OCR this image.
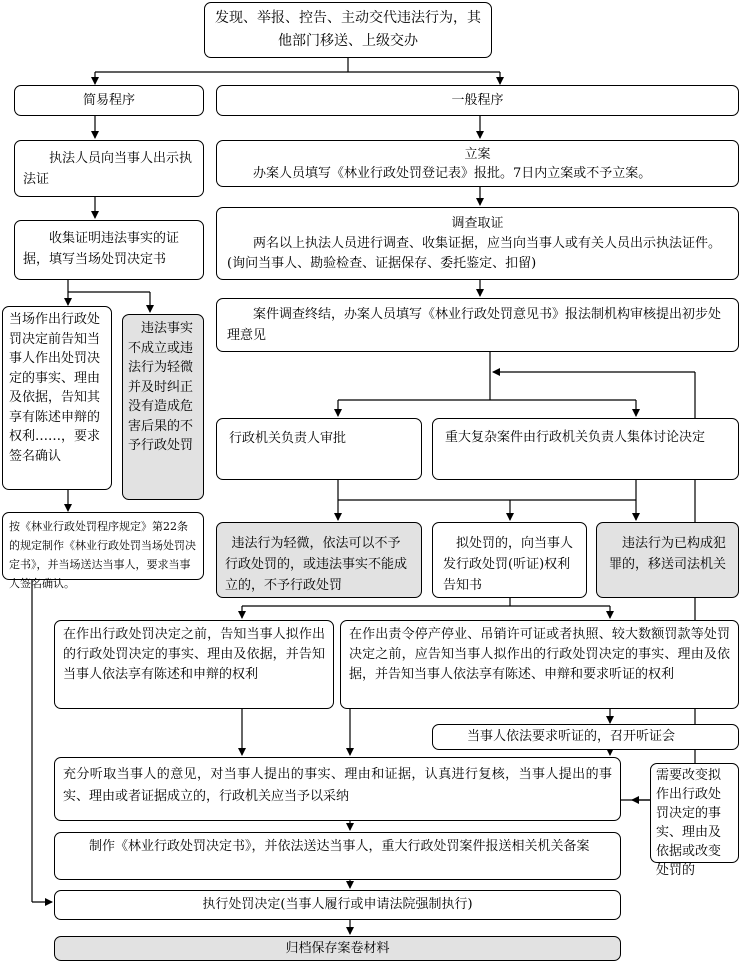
发现、举报、控告、主动交代违法行为，其他部门移送、上级交办
简易程序	一般程序
执法人员向当事人出示执法证
收集证明违法事实的证据，填写当场处罚决定书
当场作出行政处罚决定前告知当事人作出处罚决定的事实、理由及依据，告知其享有陈述申辩的权利……，要求签名确认
违法事实不成立或违法行为轻微并及时纠正没有造成危害后果的不予行政处罚
按《林业行政处罚程序规定》第22条的规定制作《林业行政处罚当场处罚决定书》，并当场送达当事人，要求当事人签名确认。
立案
办案人员填写《林业行政处罚登记表》报批。7日内立案或不予立案。
调查取证
两名以上执法人员进行调查、收集证据，应当向当事人或有关人员出示执法证件。(询问当事人、勘验检查、证据保存、委托鉴定、扣留)
案件调查终结，办案人员填写《林业行政处罚意见书》报法制机构审核提出初步处理意见
行政机关负责人审批	重大复杂案件由行政机关负责人集体讨论决定
违法行为轻微，依法可以不予行政处罚的，或违法事实不能成立的，不予行政处罚
拟处罚的，向当事人发行政处罚(听证)权利告知书
违法行为已构成犯罪的，移送司法机关
在作出行政处罚决定之前，告知当事人拟作出的行政处罚决定的事实、理由及依据，并告知当事人依法享有陈述和申辩的权利
在作出责令停产停业、吊销许可证或者执照、较大数额罚款等处罚决定之前，应告知当事人拟作出的行政处罚决定的事实、理由及依据，并告知当事人依法享有陈述、申辩和要求听证的权利
当事人依法要求听证的，召开听证会
充分听取当事人的意见，对当事人提出的事实、理由和证据，认真进行复核，当事人提出的事实、理由或者证据成立的，行政机关应当予以采纳
需要改变拟作出行政处罚决定的事实、理由及依据或改变处罚的
制作《林业行政处罚决定书》，并依法送达当事人，重大行政处罚案件报送相关机关备案
执行处罚决定(当事人履行或申请法院强制执行)
归档保存案卷材料
